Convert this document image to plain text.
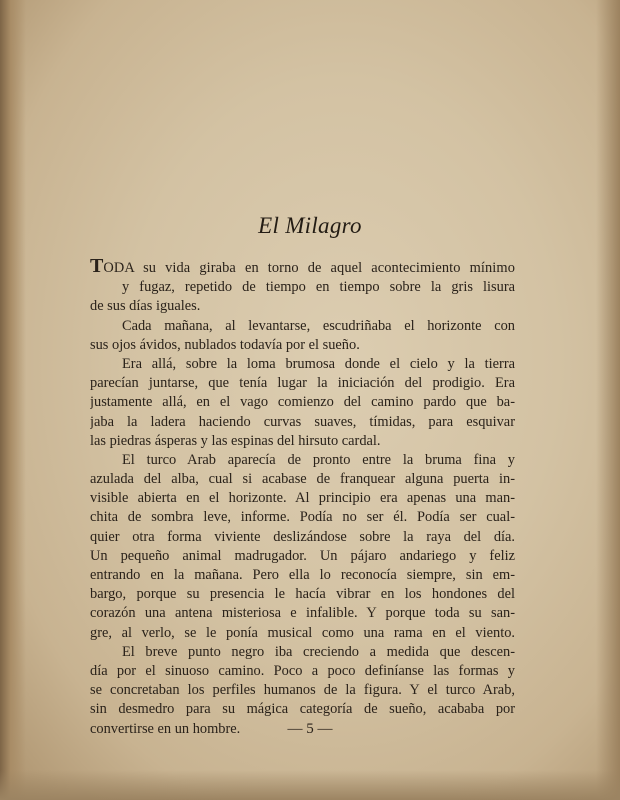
El Milagro
TODA su vida giraba en torno de aquel acontecimiento mínimo
y fugaz, repetido de tiempo en tiempo sobre la gris lisura
de sus días iguales.
Cada mañana, al levantarse, escudriñaba el horizonte con
sus ojos ávidos, nublados todavía por el sueño.
Era allá, sobre la loma brumosa donde el cielo y la tierra
parecían juntarse, que tenía lugar la iniciación del prodigio. Era
justamente allá, en el vago comienzo del camino pardo que ba-
jaba la ladera haciendo curvas suaves, tímidas, para esquivar
las piedras ásperas y las espinas del hirsuto cardal.
El turco Arab aparecía de pronto entre la bruma fina y
azulada del alba, cual si acabase de franquear alguna puerta in-
visible abierta en el horizonte. Al principio era apenas una man-
chita de sombra leve, informe. Podía no ser él. Podía ser cual-
quier otra forma viviente deslizándose sobre la raya del día.
Un pequeño animal madrugador. Un pájaro andariego y feliz
entrando en la mañana. Pero ella lo reconocía siempre, sin em-
bargo, porque su presencia le hacía vibrar en los hondones del
corazón una antena misteriosa e infalible. Y porque toda su san-
gre, al verlo, se le ponía musical como una rama en el viento.
El breve punto negro iba creciendo a medida que descen-
día por el sinuoso camino. Poco a poco definíanse las formas y
se concretaban los perfiles humanos de la figura. Y el turco Arab,
sin desmedro para su mágica categoría de sueño, acababa por
convertirse en un hombre.	— 5 —
